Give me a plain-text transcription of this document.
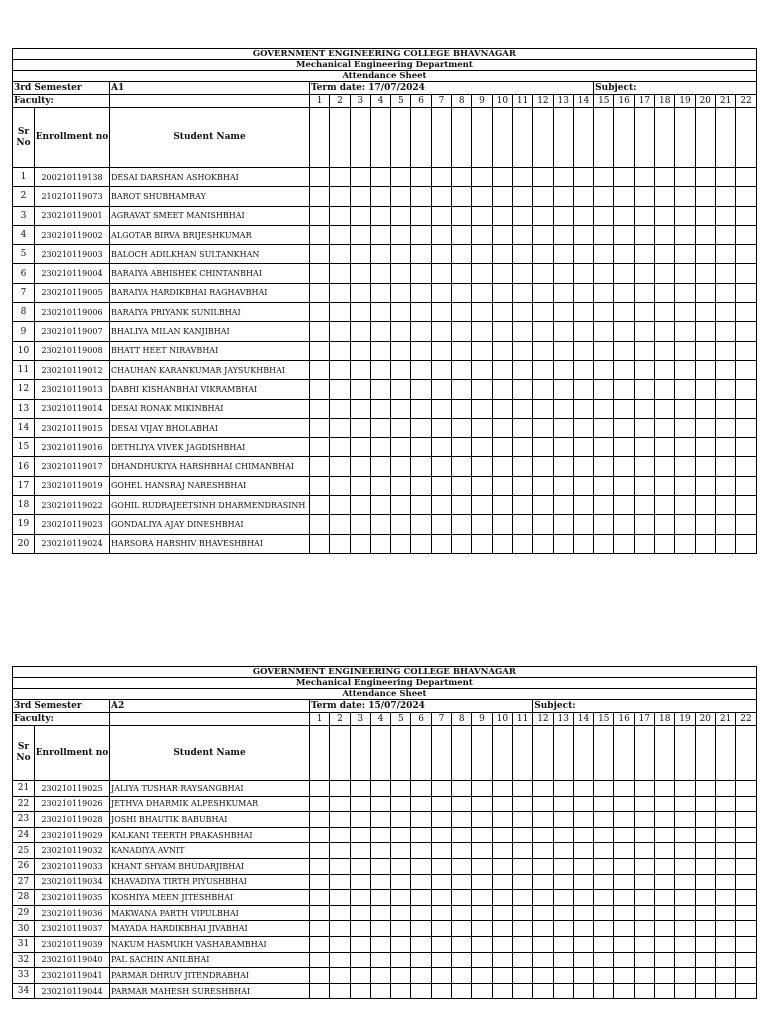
GOVERNMENT ENGINEERING COLLEGE BHAVNAGAR																								
Mechanical Engineering Department																								
Attendance Sheet																								
3rd Semester		A1	Term date: 17/07/2024														Subject:							
Faculty:			1	2	3	4	5	6	7	8	9	10	11	12	13	14	15	16	17	18	19	20	21	22
Sr No	Enrollment no	Student Name																						
1	200210119138	DESAI DARSHAN ASHOKBHAI																						
2	210210119073	BAROT SHUBHAMRAY																						
3	230210119001	AGRAVAT SMEET MANISHBHAI																						
4	230210119002	ALGOTAR BIRVA BRIJESHKUMAR																						
5	230210119003	BALOCH ADILKHAN SULTANKHAN																						
6	230210119004	BARAIYA ABHISHEK CHINTANBHAI																						
7	230210119005	BARAIYA HARDIKBHAI RAGHAVBHAI																						
8	230210119006	BARAIYA PRIYANK SUNILBHAI																						
9	230210119007	BHALIYA MILAN KANJIBHAI																						
10	230210119008	BHATT HEET NIRAVBHAI																						
11	230210119012	CHAUHAN KARANKUMAR JAYSUKHBHAI																						
12	230210119013	DABHI KISHANBHAI VIKRAMBHAI																						
13	230210119014	DESAI RONAK MIKINBHAI																						
14	230210119015	DESAI VIJAY BHOLABHAI																						
15	230210119016	DETHLIYA VIVEK JAGDISHBHAI																						
16	230210119017	DHANDHUKIYA HARSHBHAI CHIMANBHAI																						
17	230210119019	GOHEL HANSRAJ NARESHBHAI																						
18	230210119022	GOHIL RUDRAJEETSINH DHARMENDRASINH																						
19	230210119023	GONDALIYA AJAY DINESHBHAI																						
20	230210119024	HARSORA HARSHIV BHAVESHBHAI																						
GOVERNMENT ENGINEERING COLLEGE BHAVNAGAR																								
Mechanical Engineering Department																								
Attendance Sheet																								
3rd Semester		A2	Term date: 15/07/2024											Subject:										
Faculty:			1	2	3	4	5	6	7	8	9	10	11	12	13	14	15	16	17	18	19	20	21	22
Sr No	Enrollment no	Student Name																						
21	230210119025	JALIYA TUSHAR RAYSANGBHAI																						
22	230210119026	JETHVA DHARMIK ALPESHKUMAR																						
23	230210119028	JOSHI BHAUTIK BABUBHAI																						
24	230210119029	KALKANI TEERTH PRAKASHBHAI																						
25	230210119032	KANADIYA AVNIT																						
26	230210119033	KHANT SHYAM BHUDARJIBHAI																						
27	230210119034	KHAVADIYA TIRTH PIYUSHBHAI																						
28	230210119035	KOSHIYA MEEN JITESHBHAI																						
29	230210119036	MAKWANA PARTH VIPULBHAI																						
30	230210119037	MAYADA HARDIKBHAI JIVABHAI																						
31	230210119039	NAKUM HASMUKH VASHARAMBHAI																						
32	230210119040	PAL SACHIN ANILBHAI																						
33	230210119041	PARMAR DHRUV JITENDRABHAI																						
34	230210119044	PARMAR MAHESH SURESHBHAI																						
